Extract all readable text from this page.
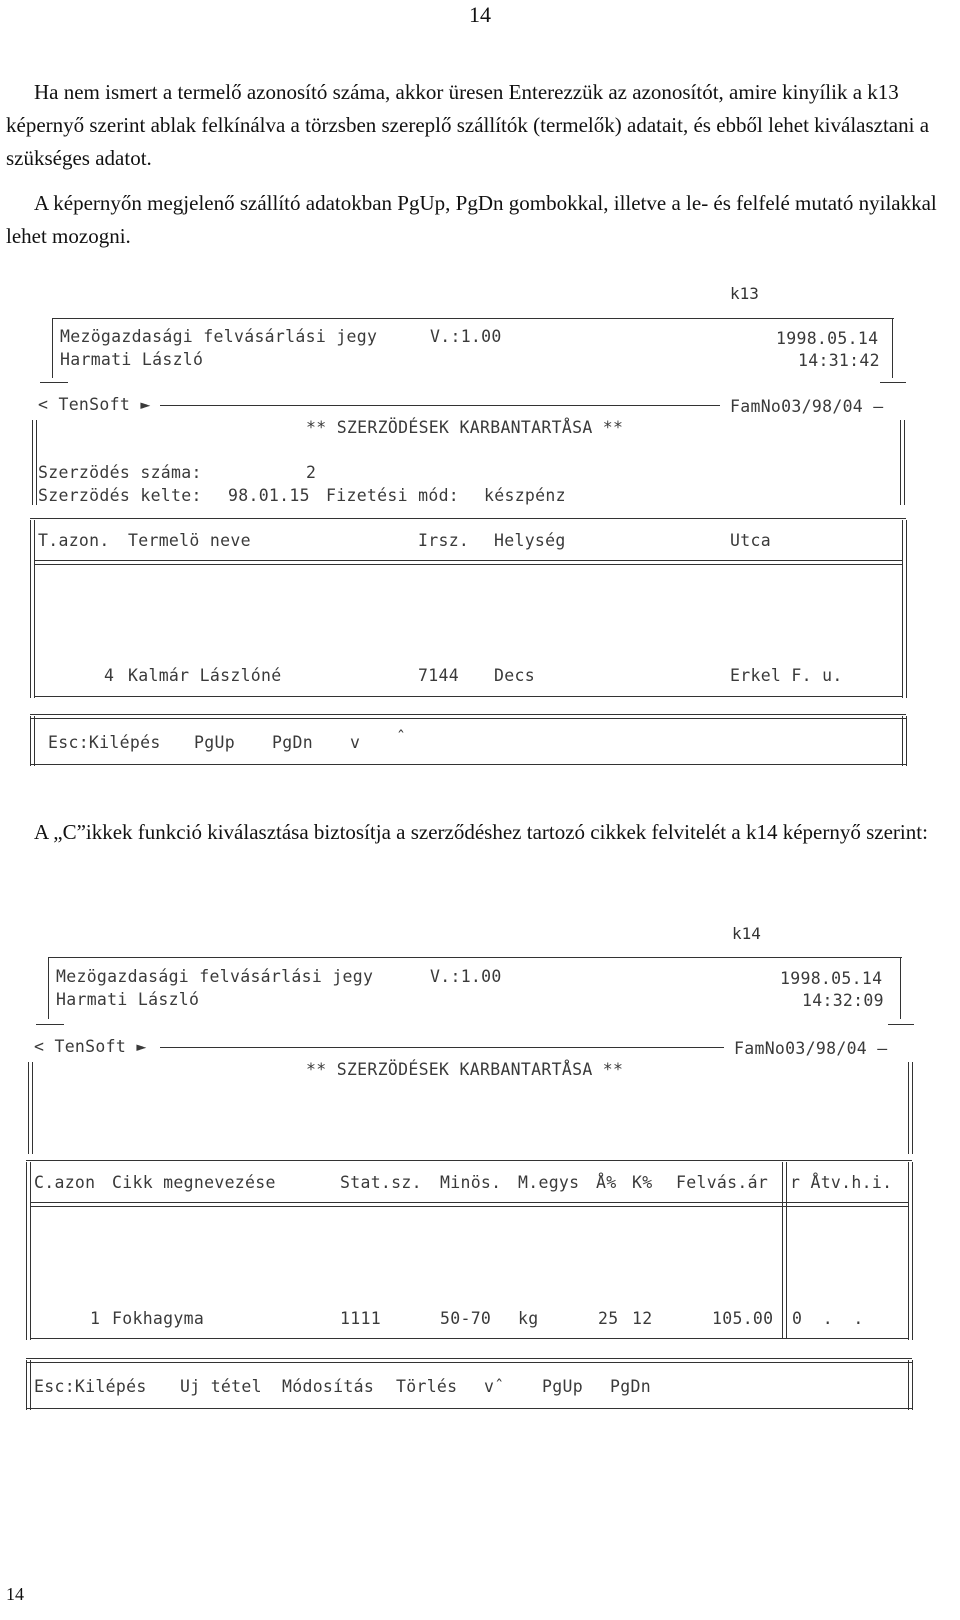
14

Ha nem ismert a termelő azonosító száma, akkor üresen Enterezzük az azonosítót, amire kinyílik a k13 képernyő szerint ablak felkínálva a törzsben szereplő szállítók (termelők) adatait, és ebből lehet kiválasztani a szükséges adatot.

A képernyőn megjelenő szállító adatokban PgUp, PgDn gombokkal, illetve a le- és felfelé mutató nyilakkal lehet mozogni.

k13
Mezögazdasági felvásárlási jegy	V.:1.00	1998.05.14
Harmati László	14:31:42
< TenSoft ►	FamNo03/98/04 –
** SZERZÖDÉSEK KARBANTARTÅSA **
Szerzödés száma:	2
Szerzödés kelte: 98.01.15 Fizetési mód: készpénz
T.azon. Termelö neve	Irsz. Helység	Utca
4 Kalmár Lászlóné	7144 Decs	Erkel F. u.
Esc:Kilépés PgUp PgDn v ˆ

A „C”ikkek funkció kiválasztása biztosítja a szerződéshez tartozó cikkek felvitelét a k14 képernyő szerint:

k14
Mezögazdasági felvásárlási jegy	V.:1.00	1998.05.14
Harmati László	14:32:09
< TenSoft ►	FamNo03/98/04 –
** SZERZÖDÉSEK KARBANTARTÅSA **
C.azon Cikk megnevezése	Stat.sz. Minös. M.egys Å% K% Felvás.ár r Åtv.h.i.
1 Fokhagyma	1111	50-70 kg	25 12	105.00 0  .  .
Esc:Kilépés Uj tétel Módosítás Törlés vˆ PgUp PgDn
14
